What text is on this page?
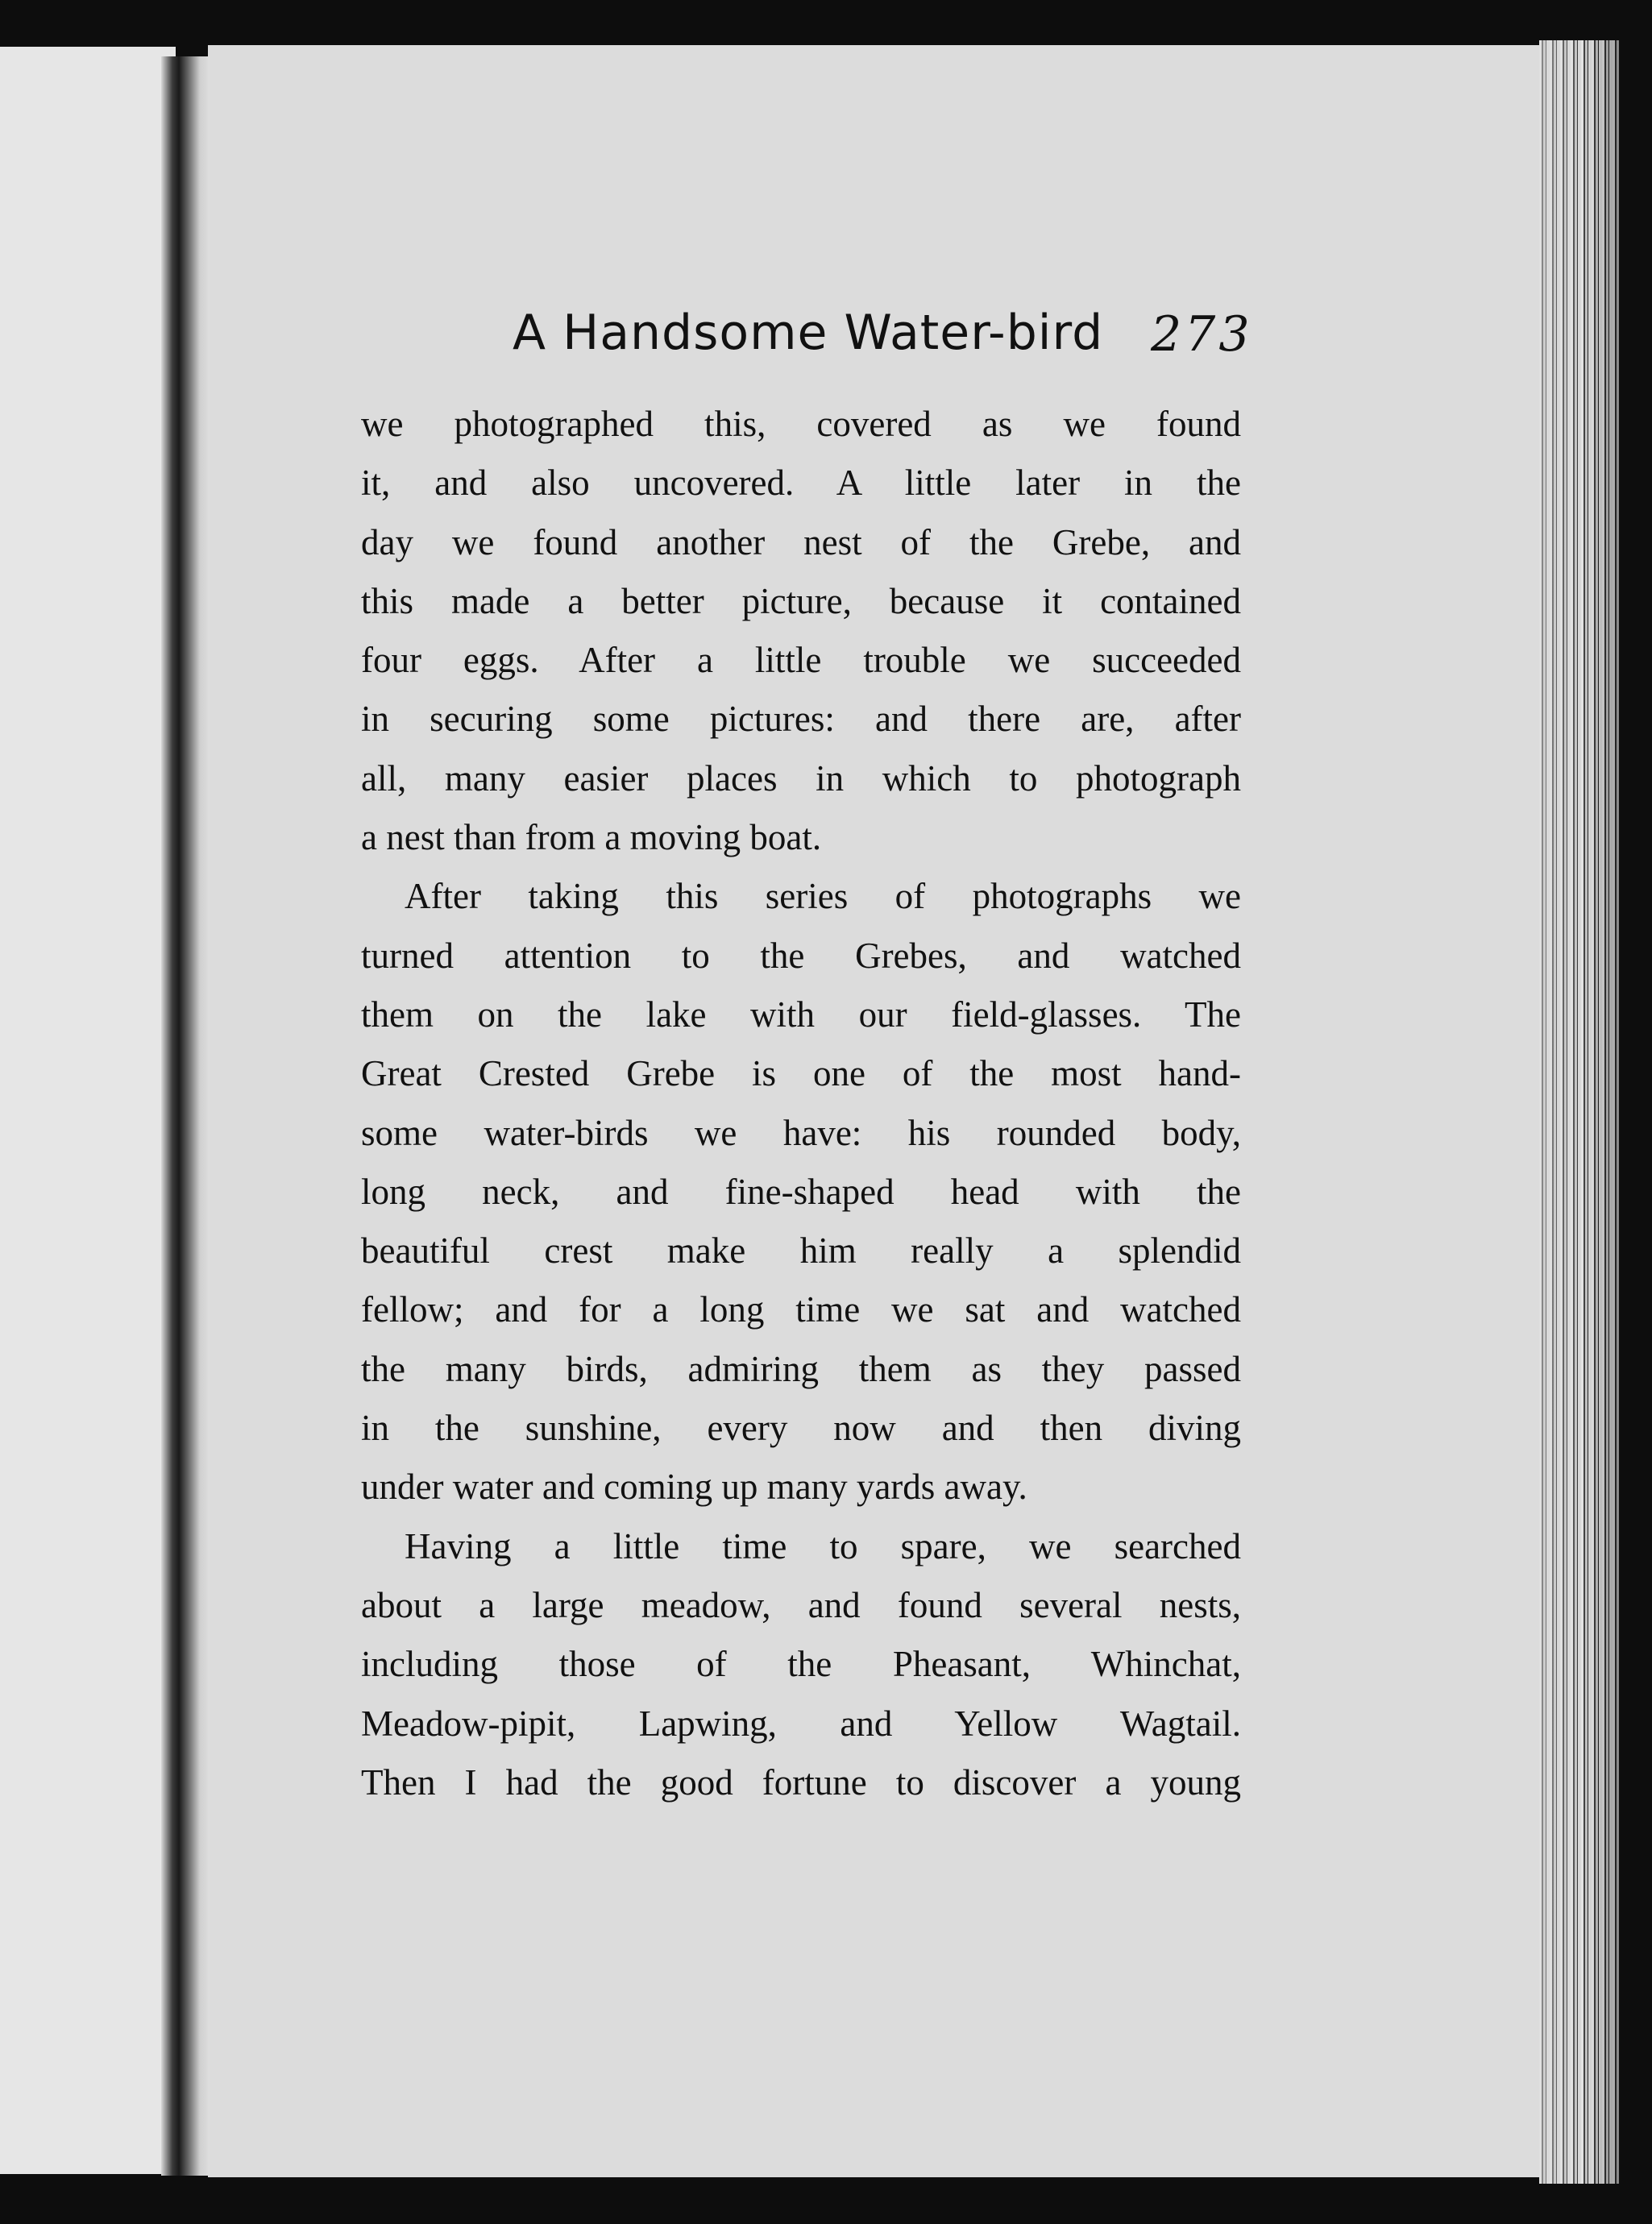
A Handsome Water-bird 273
we photographed this, covered as we found
it, and also uncovered. A little later in the
day we found another nest of the Grebe, and
this made a better picture, because it contained
four eggs. After a little trouble we succeeded
in securing some pictures: and there are, after
all, many easier places in which to photograph
a nest than from a moving boat.
After taking this series of photographs we
turned attention to the Grebes, and watched
them on the lake with our field-glasses. The
Great Crested Grebe is one of the most hand-
some water-birds we have: his rounded body,
long neck, and fine-shaped head with the
beautiful crest make him really a splendid
fellow; and for a long time we sat and watched
the many birds, admiring them as they passed
in the sunshine, every now and then diving
under water and coming up many yards away.
Having a little time to spare, we searched
about a large meadow, and found several nests,
including those of the Pheasant, Whinchat,
Meadow-pipit, Lapwing, and Yellow Wagtail.
Then I had the good fortune to discover a young
